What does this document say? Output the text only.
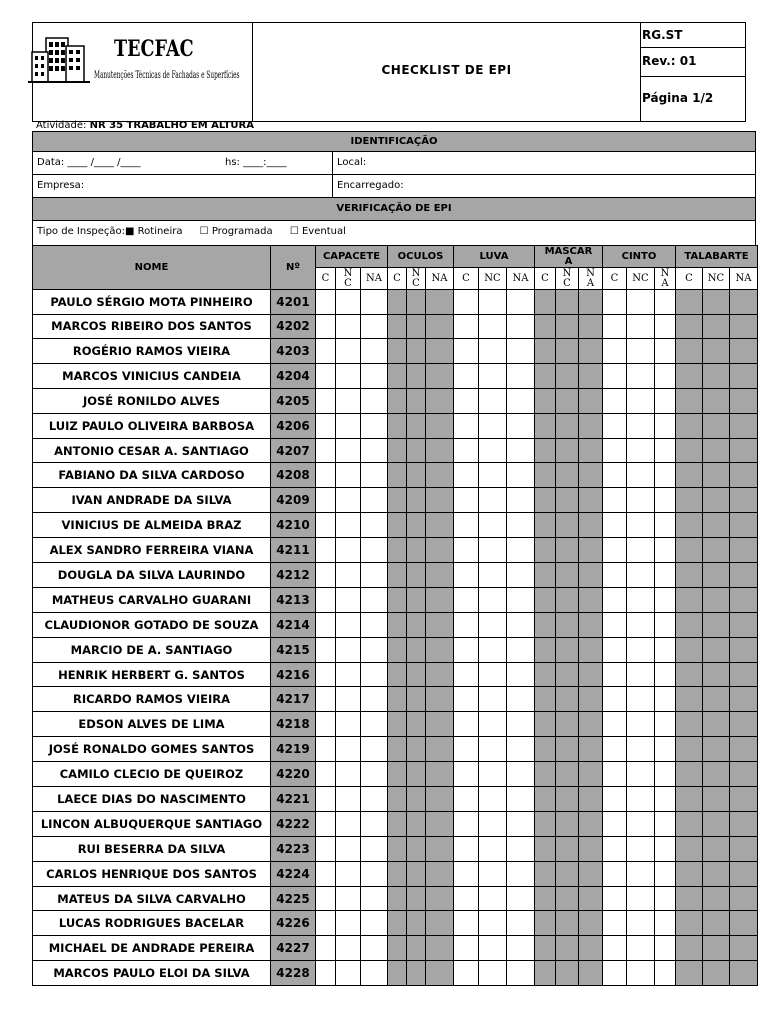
TECFAC
Manutenções Técnicas de Fachadas e Superfícies	CHECKLIST DE EPI
RG.ST
Rev.: 01
Página 1/2
Atividade: NR 35 TRABALHO EM ALTURA
IDENTIFICAÇÃO
Data: ____ /____ /____	hs: ____:____	Local:
Empresa:	Encarregado:
VERIFICAÇÃO DE EPI
Tipo de Inspeção:■ Rotineira ☐ Programada ☐ Eventual
NOME	Nº	CAPACETE			OCULOS			LUVA			MASCARA			CINTO			TALABARTE		
		C	NC	NA	C	NC	NA	C	NC	NA	C	NC	NA	C	NC	NA	C	NC	NA
PAULO SÉRGIO MOTA PINHEIRO	4201																		
MARCOS RIBEIRO DOS SANTOS	4202																		
ROGÉRIO RAMOS VIEIRA	4203																		
MARCOS VINICIUS CANDEIA	4204																		
JOSÉ RONILDO ALVES	4205																		
LUIZ PAULO OLIVEIRA BARBOSA	4206																		
ANTONIO CESAR A. SANTIAGO	4207																		
FABIANO DA SILVA CARDOSO	4208																		
IVAN ANDRADE DA SILVA	4209																		
VINICIUS DE ALMEIDA BRAZ	4210																		
ALEX SANDRO FERREIRA VIANA	4211																		
DOUGLA DA SILVA LAURINDO	4212																		
MATHEUS CARVALHO GUARANI	4213																		
CLAUDIONOR GOTADO DE SOUZA	4214																		
MARCIO DE A. SANTIAGO	4215																		
HENRIK HERBERT G. SANTOS	4216																		
RICARDO RAMOS VIEIRA	4217																		
EDSON ALVES DE LIMA	4218																		
JOSÉ RONALDO GOMES SANTOS	4219																		
CAMILO CLECIO DE QUEIROZ	4220																		
LAECE DIAS DO NASCIMENTO	4221																		
LINCON ALBUQUERQUE SANTIAGO	4222																		
RUI BESERRA DA SILVA	4223																		
CARLOS HENRIQUE DOS SANTOS	4224																		
MATEUS DA SILVA CARVALHO	4225																		
LUCAS RODRIGUES BACELAR	4226																		
MICHAEL DE ANDRADE PEREIRA	4227																		
MARCOS PAULO ELOI DA SILVA	4228																		
